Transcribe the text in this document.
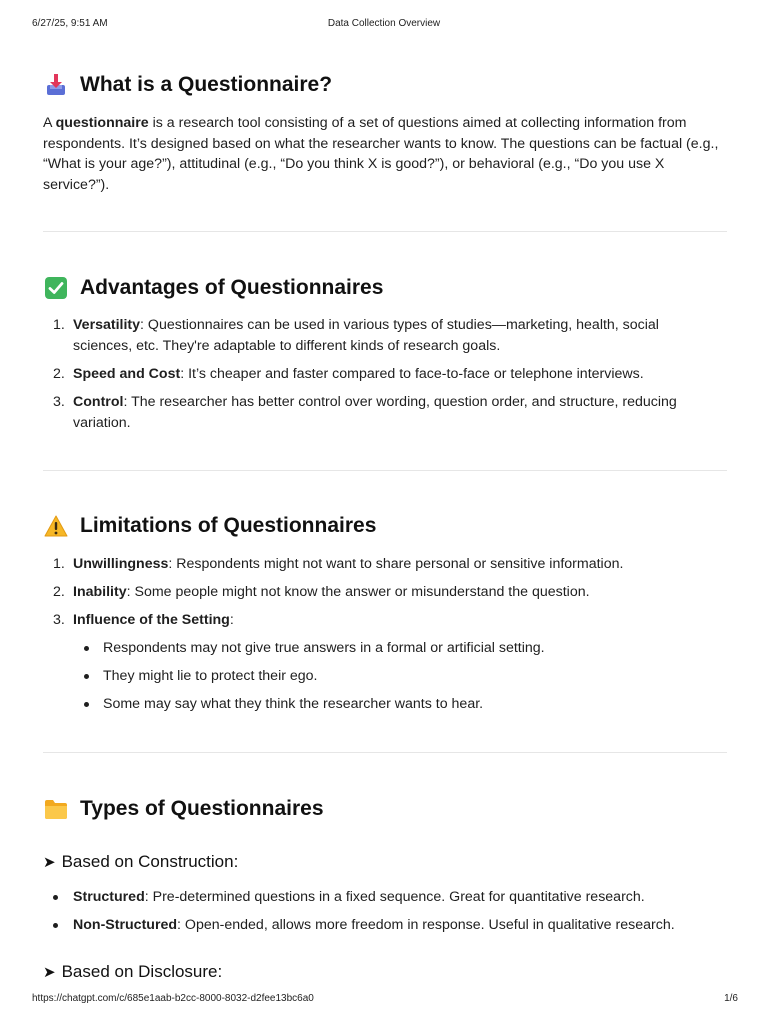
6/27/25, 9:51 AM	Data Collection Overview
What is a Questionnaire?

A questionnaire is a research tool consisting of a set of questions aimed at collecting information from respondents. It’s designed based on what the researcher wants to know. The questions can be factual (e.g., “What is your age?”), attitudinal (e.g., “Do you think X is good?”), or behavioral (e.g., “Do you use X service?”).

Advantages of Questionnaires
1. Versatility: Questionnaires can be used in various types of studies—marketing, health, social sciences, etc. They're adaptable to different kinds of research goals.
2. Speed and Cost: It’s cheaper and faster compared to face-to-face or telephone interviews.
3. Control: The researcher has better control over wording, question order, and structure, reducing variation.
Limitations of Questionnaires
1. Unwillingness: Respondents might not want to share personal or sensitive information.
2. Inability: Some people might not know the answer or misunderstand the question.
3. Influence of the Setting:
Respondents may not give true answers in a formal or artificial setting.
They might lie to protect their ego.
Some may say what they think the researcher wants to hear.
Types of Questionnaires
➤ Based on Construction:
Structured: Pre-determined questions in a fixed sequence. Great for quantitative research.
Non-Structured: Open-ended, allows more freedom in response. Useful in qualitative research.
➤ Based on Disclosure:
https://chatgpt.com/c/685e1aab-b2cc-8000-8032-d2fee13bc6a0	1/6
